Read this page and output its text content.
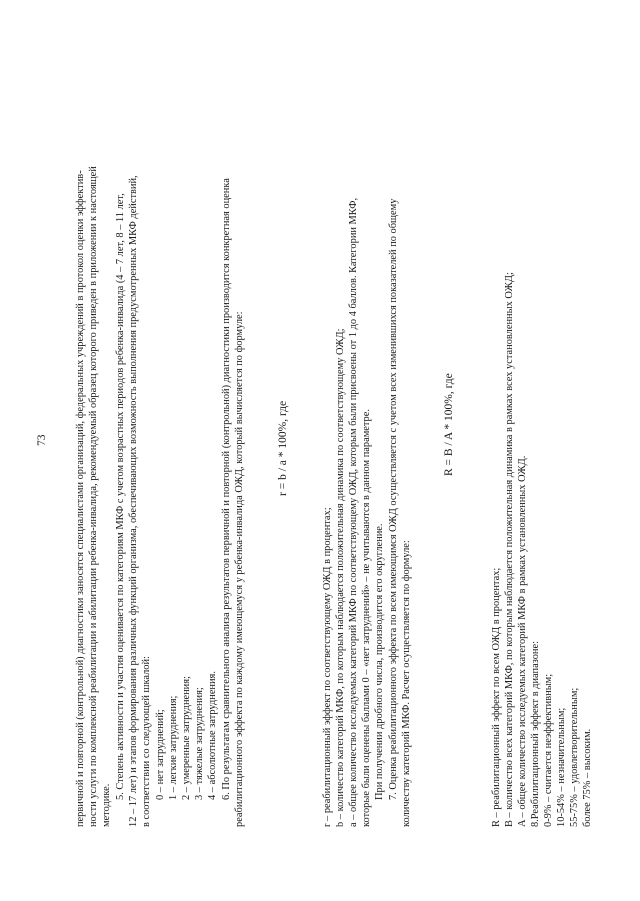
73	первичной и повторной (контрольной) диагностики заносятся специалистами организаций, федеральных учреждений в протокол оценки эффектив- ности услуги по комплексной реабилитации и абилитации ребенка-инвалида, рекомендуемый образец которого приведен в приложении к настоящей методике.
5. Степень активности и участия оценивается по категориям МКФ с учетом возрастных периодов ребенка-инвалида (4 – 7 лет, 8 – 11 лет, 12 – 17 лет) и этапов формирования различных функций организма, обеспечивающих возможность выполнения предусмотренных МКФ действий, в соответствии со следующей шкалой: 0 – нет затруднений; 1 – легкие затруднения; 2 – умеренные затруднения; 3 – тяжелые затруднения; 4 – абсолютные затруднения. 6. По результатам сравнительного анализа результатов первичной и повторной (контрольной) диагностики производится конкретная оценка реабилитационного эффекта по каждому имеющемуся у ребенка-инвалида ОЖД, который вычисляется по формуле:	r = b / a * 100%, где
r – реабилитационный эффект по соответствующему ОЖД в процентах; b – количество категорий МКФ, по которым наблюдается положительная динамика по соответствующему ОЖД; a – общее количество исследуемых категорий МКФ по соответствующему ОЖД, которым были присвоены от 1 до 4 баллов. Категории МКФ, которые были оценены баллами 0 – «нет затруднений» – не учитываются в данном параметре. При получении дробного числа, производится его округление. 7. Оценка реабилитационного эффекта по всем имеющимся ОЖД осуществляется с учетом всех изменившихся показателей по общему количеству категорий МКФ. Расчет осуществляется по формуле:
R = B / A * 100%, где
R – реабилитационный эффект по всем ОЖД в процентах; B – количество всех категорий МКФ, по которым наблюдается положительная динамика в рамках всех установленных ОЖД; A – общее количество исследуемых категорий МКФ в рамках установленных ОЖД. 8.Реабилитационный эффект в диапазоне: 0-9% – считается неэффективным; 10-54% – незначительным; 55-75% – удовлетворительным; более 75% – высоким.
